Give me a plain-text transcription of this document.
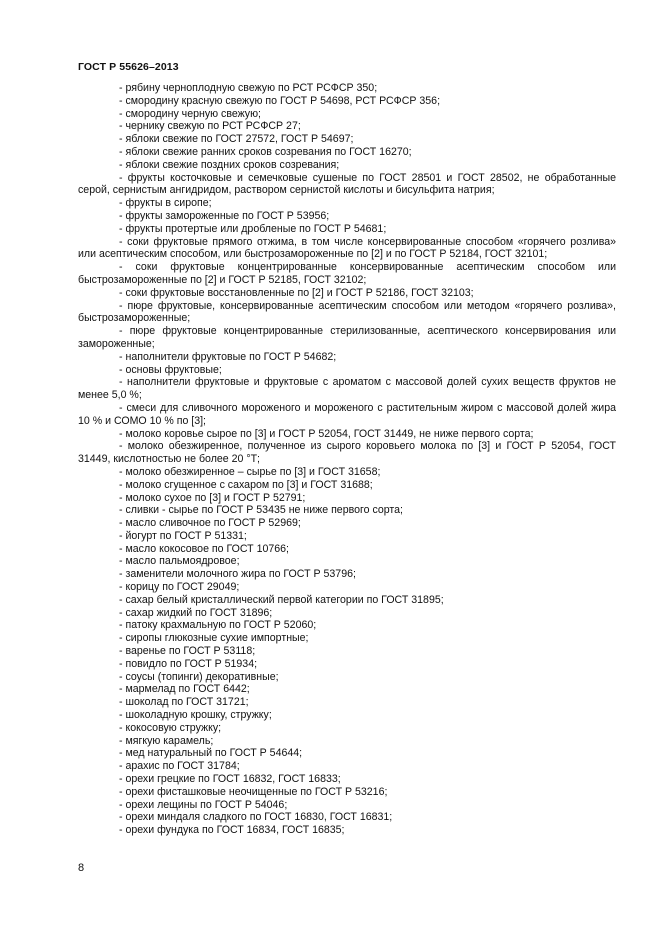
ГОСТ Р 55626–2013

- рябину черноплодную свежую по РСТ РСФСР 350;

- смородину красную свежую по ГОСТ Р 54698, РСТ РСФСР 356;

- смородину черную свежую;

- чернику свежую по РСТ РСФСР 27;

- яблоки свежие по ГОСТ 27572, ГОСТ Р 54697;

- яблоки свежие ранних сроков созревания по ГОСТ 16270;

- яблоки свежие поздних сроков созревания;

- фрукты косточковые и семечковые сушеные по ГОСТ 28501 и ГОСТ 28502, не обработанные серой, сернистым ангидридом, раствором сернистой кислоты и бисульфита натрия;

- фрукты в сиропе;

- фрукты замороженные по ГОСТ Р 53956;

- фрукты протертые или дробленые по ГОСТ Р 54681;

- соки фруктовые прямого отжима, в том числе консервированные способом «горячего розлива» или асептическим способом, или быстрозамороженные по [2] и по ГОСТ Р 52184, ГОСТ 32101;

- соки фруктовые концентрированные консервированные асептическим способом или быстрозамороженные по [2] и ГОСТ Р 52185, ГОСТ 32102;

- соки фруктовые восстановленные по [2] и ГОСТ Р 52186, ГОСТ 32103;

- пюре фруктовые, консервированные асептическим способом или методом «горячего розлива», быстрозамороженные;

- пюре фруктовые концентрированные стерилизованные, асептического консервирования или замороженные;

- наполнители фруктовые по ГОСТ Р 54682;

- основы фруктовые;

- наполнители фруктовые и фруктовые с ароматом с массовой долей сухих веществ фруктов не менее 5,0 %;

- смеси для сливочного мороженого и мороженого с растительным жиром с массовой долей жира 10 % и СОМО 10 % по [3];

- молоко коровье сырое по [3] и ГОСТ Р 52054, ГОСТ 31449, не ниже первого сорта;

- молоко обезжиренное, полученное из сырого коровьего молока по [3] и ГОСТ Р 52054, ГОСТ 31449, кислотностью не более 20 °Т;

- молоко обезжиренное – сырье по [3] и ГОСТ 31658;

- молоко сгущенное с сахаром по [3] и ГОСТ 31688;

- молоко сухое по [3] и ГОСТ Р 52791;

- сливки - сырье по ГОСТ Р 53435 не ниже первого сорта;

- масло сливочное по ГОСТ Р 52969;

- йогурт по ГОСТ Р 51331;

- масло кокосовое по ГОСТ 10766;

- масло пальмоядровое;

- заменители молочного жира по ГОСТ Р 53796;

- корицу по ГОСТ 29049;

- сахар белый кристаллический первой категории по ГОСТ 31895;

- сахар жидкий по ГОСТ 31896;

- патоку крахмальную по ГОСТ Р 52060;

- сиропы глюкозные сухие импортные;

- варенье по ГОСТ Р 53118;

- повидло по ГОСТ Р 51934;

- соусы (топинги) декоративные;

- мармелад по ГОСТ 6442;

- шоколад по ГОСТ 31721;

- шоколадную крошку, стружку;

- кокосовую стружку;

- мягкую карамель;

- мед натуральный по ГОСТ Р 54644;

- арахис по ГОСТ 31784;

- орехи грецкие по ГОСТ 16832, ГОСТ 16833;

- орехи фисташковые неочищенные по ГОСТ Р 53216;

- орехи лещины по ГОСТ Р 54046;

- орехи миндаля сладкого по ГОСТ 16830, ГОСТ 16831;

- орехи фундука по ГОСТ 16834, ГОСТ 16835;

8
